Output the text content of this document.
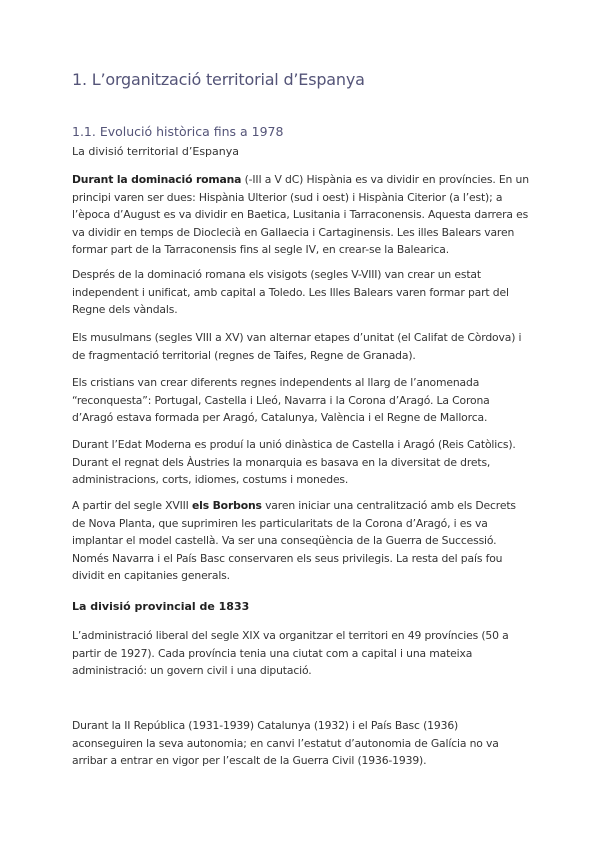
1. L’organització territorial d’Espanya
1.1. Evolució històrica fins a 1978

La divisió territorial d’Espanya

Durant la dominació romana (-III a V dC) Hispània es va dividir en províncies. En un principi varen ser dues: Hispània Ulterior (sud i oest) i Hispània Citerior (a l’est); a l’època d’August es va dividir en Baetica, Lusitania i Tarraconensis. Aquesta darrera es va dividir en temps de Dioclecià en Gallaecia i Cartaginensis. Les illes Balears varen formar part de la Tarraconensis fins al segle IV, en crear-se la Balearica.

Després de la dominació romana els visigots (segles V-VIII) van crear un estat independent i unificat, amb capital a Toledo. Les Illes Balears varen formar part del Regne dels vàndals.

Els musulmans (segles VIII a XV) van alternar etapes d’unitat (el Califat de Còrdova) i de fragmentació territorial (regnes de Taifes, Regne de Granada).

Els cristians van crear diferents regnes independents al llarg de l’anomenada “reconquesta”: Portugal, Castella i Lleó, Navarra i la Corona d’Aragó. La Corona d’Aragó estava formada per Aragó, Catalunya, València i el Regne de Mallorca.

Durant l’Edat Moderna es produí la unió dinàstica de Castella i Aragó (Reis Catòlics). Durant el regnat dels Àustries la monarquia es basava en la diversitat de drets, administracions, corts, idiomes, costums i monedes.

A partir del segle XVIII els Borbons varen iniciar una centralització amb els Decrets de Nova Planta, que suprimiren les particularitats de la Corona d’Aragó, i es va implantar el model castellà. Va ser una conseqüència de la Guerra de Successió. Només Navarra i el País Basc conservaren els seus privilegis. La resta del país fou dividit en capitanies generals.

La divisió provincial de 1833

L’administració liberal del segle XIX va organitzar el territori en 49 províncies (50 a partir de 1927). Cada província tenia una ciutat com a capital i una mateixa administració: un govern civil i una diputació.

Durant la II República (1931-1939) Catalunya (1932) i el País Basc (1936) aconseguiren la seva autonomia; en canvi l’estatut d’autonomia de Galícia no va arribar a entrar en vigor per l’escalt de la Guerra Civil (1936-1939).
